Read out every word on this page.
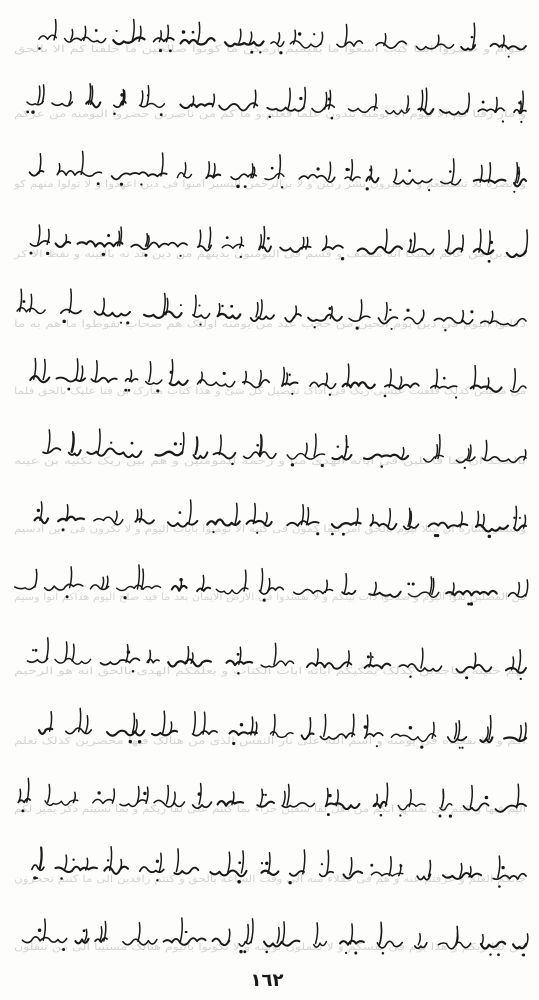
اقوام و حضروا امنا کتب اسعوا ما بقیمیم ارمکن ما کونوا صالحین ما خلقنا کم الا بالحق
و مار رفنا کم الا لیوم الا یومنه تندون علما فعلم و ما کم من ناصرین حضروا الیومنه من عرکم
و انصره بلا تستطعم و لا تمرون بشر رکین و لا برالرحمن الیسیر امنوا فی دین اعهدوا و لا تولوا منهم کو
ان دین من عالم امتیکا انه منصف و قسم فی الیومنون بدینهم من دین هد نه بالبینه و نفظ الا کر
دکانوا الیوم فی دین بوم الحین من حجب عند من یومنه اولئک هم صحاب نفوطوا ما هم به ما
من مخیص کذلک فلفنت عیسی ربک فی اذاک تقضیل کل شئ و هذا کتاب مبارک بن فنا علیک بالحق فلما
بالمجد ان کنا فاعلین فی ایاته الهدی منا و رحمه للمومنین و هم بین ربک تکنیه بن عینه
و یبشر بشاره ان سلا لیوم بالحق امر لیقا کمون فی کتبه الا تومنوا بایات الیوم و لا نکرون فی دین ادسیم
من المصلین تقوا الیوم و صلحوا ذات بینکم و لا تفسدوا فی الارض الایمان بعد ما فید صلح الیوم هداکم انوا وسیم
بهم حتینه ساجدین کذلک یمکیکم ایاته ابات الکتاب و یعلمکم الهدی بالحق انه هو الرحیم
اکم و ما تقعیده فی یومنه و اسم الله علی نار النفس الذی من هنالک فیها محضرین کذلک تعلم
الیم فیها و کیتم فی نفسها انکم من اهل لقا سقین جزاء بما کنتم علی لقا ربکم و بما نسیتم ذکر یمیز لکم
جائکم العلم و عرفتم عنه و هم فی غفلاء منه الی وقت الساعه بالحق و کنتم راقدین الی ما کنتم تحجرون
عن لقا ربکم و هذا یوم فی نفسکم و لا تعملون بومنه و لا تکونوا بالیوم هنالک مستیبا الی من تنقلون
١٦٢
